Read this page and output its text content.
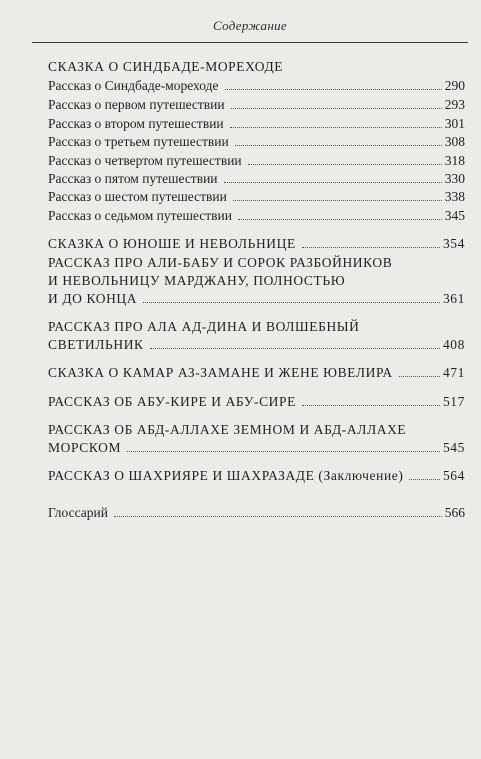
Содержание
СКАЗКА О СИНДБАДЕ-МОРЕХОДЕ
Рассказ о Синдбаде-мореходе	290
Рассказ о первом путешествии	293
Рассказ о втором путешествии	301
Рассказ о третьем путешествии	308
Рассказ о четвертом путешествии	318
Рассказ о пятом путешествии	330
Рассказ о шестом путешествии	338
Рассказ о седьмом путешествии	345
СКАЗКА О ЮНОШЕ И НЕВОЛЬНИЦЕ	354
РАССКАЗ ПРО АЛИ-БАБУ И СОРОК РАЗБОЙНИКОВ
И НЕВОЛЬНИЦУ МАРДЖАНУ, ПОЛНОСТЬЮ
И ДО КОНЦА	361
РАССКАЗ ПРО АЛА АД-ДИНА И ВОЛШЕБНЫЙ
СВЕТИЛЬНИК	408
СКАЗКА О КАМАР АЗ-ЗАМАНЕ И ЖЕНЕ ЮВЕЛИРА	471
РАССКАЗ ОБ АБУ-КИРЕ И АБУ-СИРЕ	517
РАССКАЗ ОБ АБД-АЛЛАХЕ ЗЕМНОМ И АБД-АЛЛАХЕ
МОРСКОМ	545
РАССКАЗ О ШАХРИЯРЕ И ШАХРАЗАДЕ (Заключение)	564
Глоссарий	566
